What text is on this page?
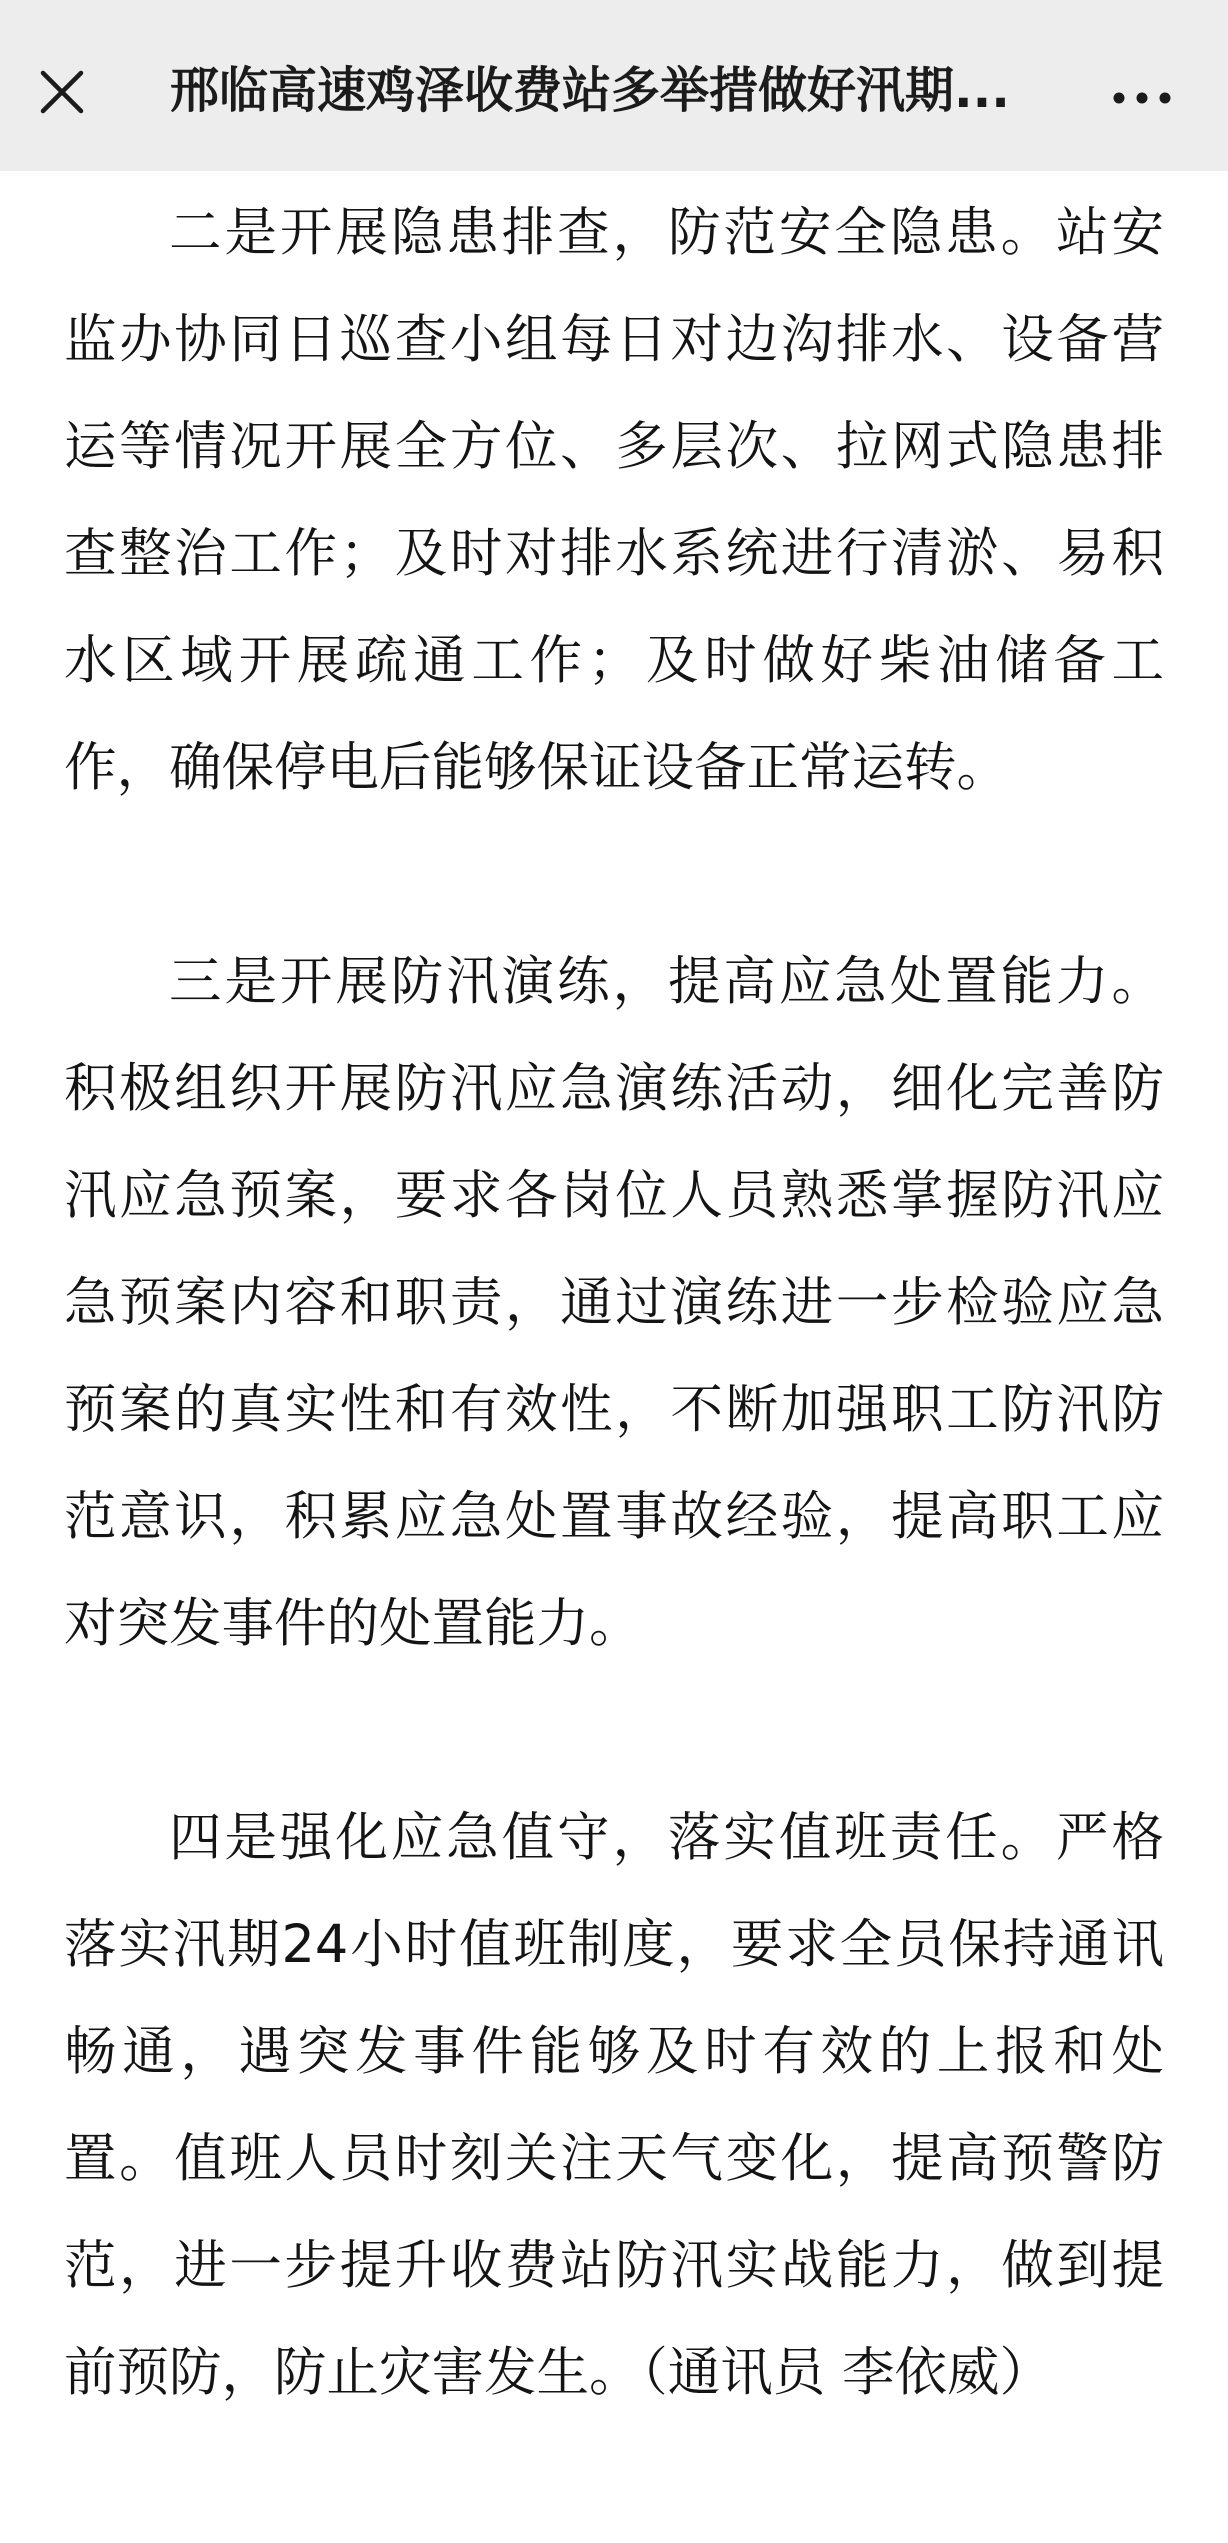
邢临高速鸡泽收费站多举措做好汛期...

二是开展隐患排查，防范安全隐患。站安监办协同日巡查小组每日对边沟排水、设备营运等情况开展全方位、多层次、拉网式隐患排查整治工作；及时对排水系统进行清淤、易积水区域开展疏通工作；及时做好柴油储备工作，确保停电后能够保证设备正常运转。

三是开展防汛演练，提高应急处置能力。积极组织开展防汛应急演练活动，细化完善防汛应急预案，要求各岗位人员熟悉掌握防汛应急预案内容和职责，通过演练进一步检验应急预案的真实性和有效性，不断加强职工防汛防范意识，积累应急处置事故经验，提高职工应对突发事件的处置能力。

四是强化应急值守，落实值班责任。严格落实汛期24小时值班制度，要求全员保持通讯畅通，遇突发事件能够及时有效的上报和处置。值班人员时刻关注天气变化，提高预警防范，进一步提升收费站防汛实战能力，做到提前预防，防止灾害发生。（通讯员 李依威）
